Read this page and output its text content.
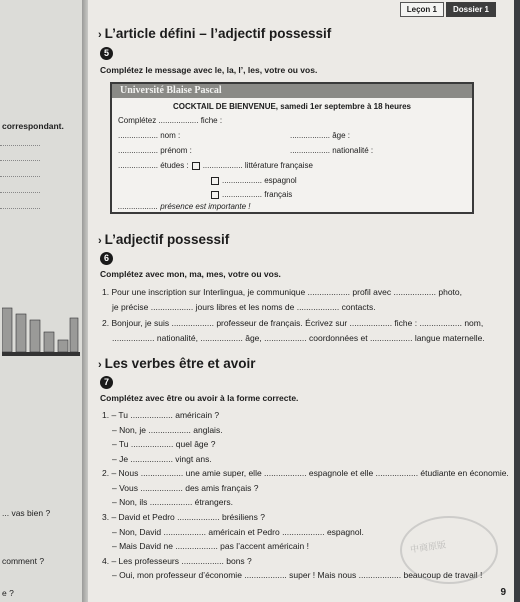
correspondant.
... vas bien ?
comment ?
e ?
Leçon 1	Dossier 1
› L’article défini – l’adjectif possessif
5
Complétez le message avec le, la, l’, les, votre ou vos.
Université Blaise Pascal
COCKTAIL DE BIENVENUE, samedi 1er septembre à 18 heures
Complétez .................. fiche :
.................. nom :	.................. âge :
.................. prénom :	.................. nationalité :
.................. études : .................. littérature française
.................. espagnol
.................. français
.................. présence est importante !
› L’adjectif possessif
6
Complétez avec mon, ma, mes, votre ou vos.
1. Pour une inscription sur Interlingua, je communique .................. profil avec .................. photo,
je précise .................. jours libres et les noms de .................. contacts.
2. Bonjour, je suis .................. professeur de français. Écrivez sur .................. fiche : .................. nom,
.................. nationalité, .................. âge, .................. coordonnées et .................. langue maternelle.
› Les verbes être et avoir
7
Complétez avec être ou avoir à la forme correcte.
1. – Tu .................. américain ?
– Non, je .................. anglais.
– Tu .................. quel âge ?
– Je .................. vingt ans.
2. – Nous .................. une amie super, elle .................. espagnole et elle .................. étudiante en économie.
– Vous .................. des amis français ?
– Non, ils .................. étrangers.
3. – David et Pedro .................. brésiliens ?
– Non, David .................. américain et Pedro .................. espagnol.
– Mais David ne .................. pas l’accent américain !
4. – Les professeurs .................. bons ?
– Oui, mon professeur d’économie .................. super ! Mais nous .................. beaucoup de travail !
中商原版
9
